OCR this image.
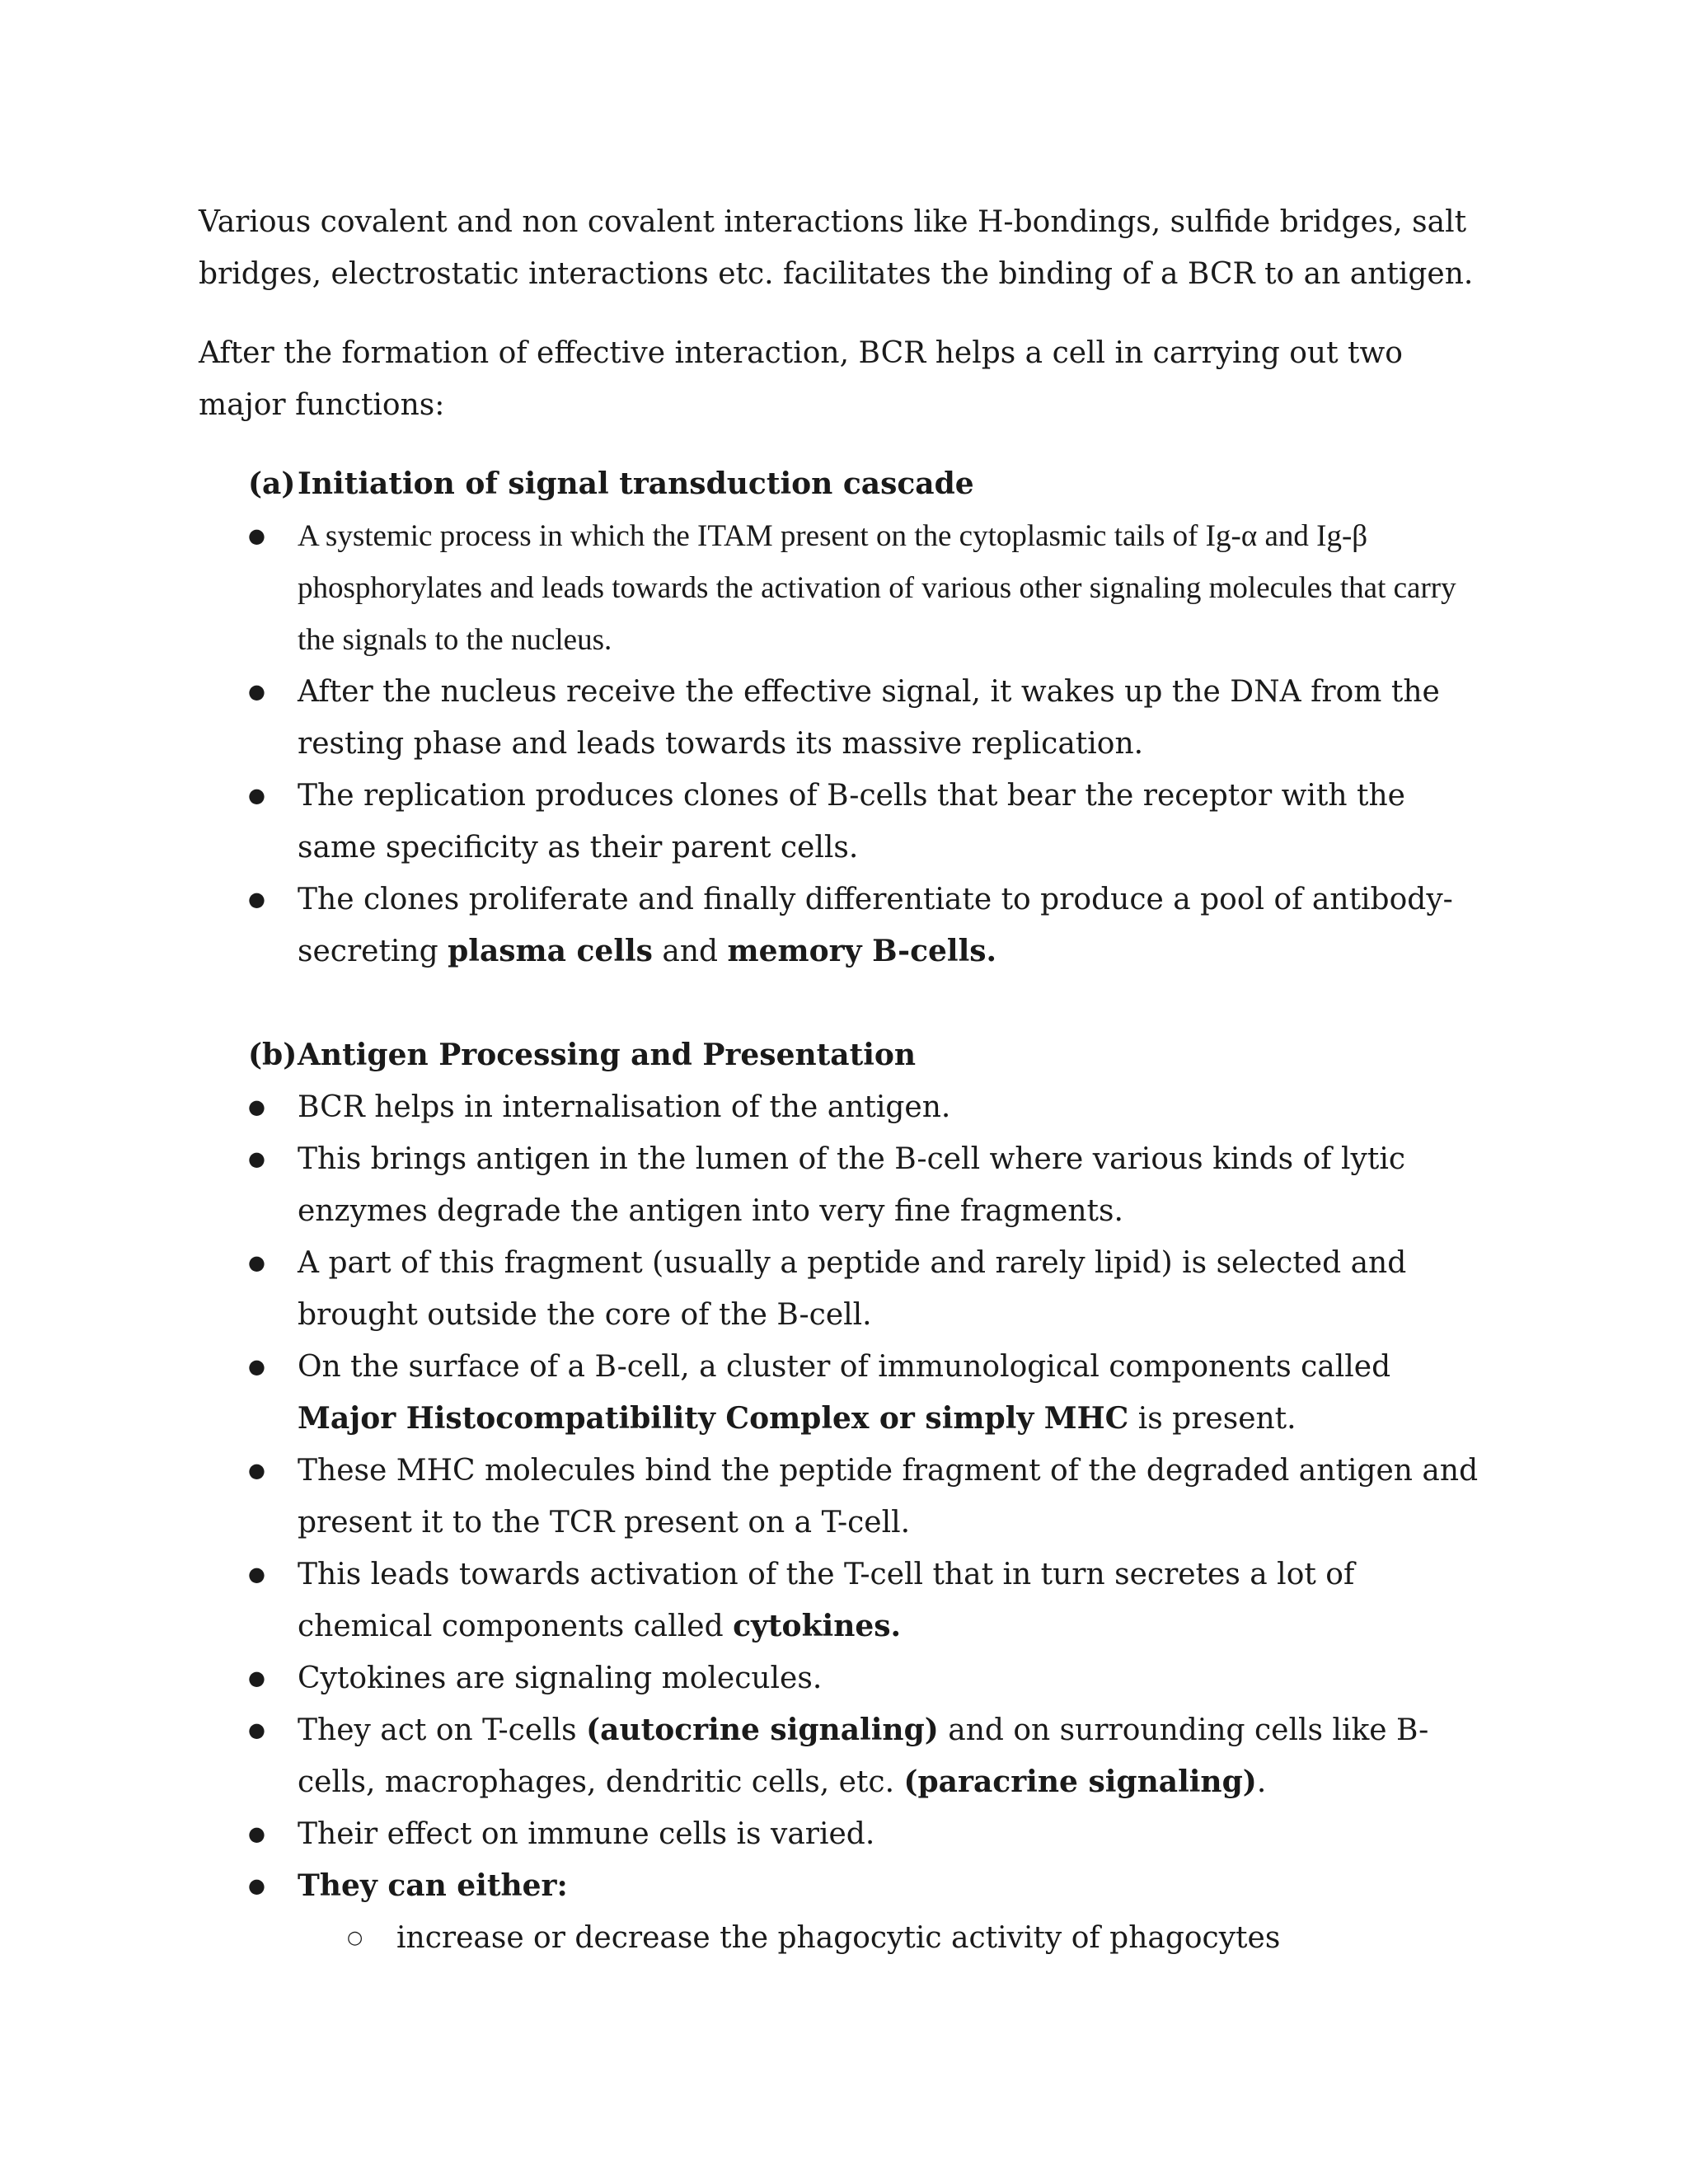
Various covalent and non covalent interactions like H-bondings, sulfide bridges, salt bridges, electrostatic interactions etc. facilitates the binding of a BCR to an antigen.

After the formation of effective interaction, BCR helps a cell in carrying out two major functions:

(a) Initiation of signal transduction cascade
● A systemic process in which the ITAM present on the cytoplasmic tails of Ig-α and Ig-β phosphorylates and leads towards the activation of various other signaling molecules that carry the signals to the nucleus.
● After the nucleus receive the effective signal, it wakes up the DNA from the resting phase and leads towards its massive replication.
● The replication produces clones of B-cells that bear the receptor with the same specificity as their parent cells.
● The clones proliferate and finally differentiate to produce a pool of antibody-secreting plasma cells and memory B-cells.
(b) Antigen Processing and Presentation
● BCR helps in internalisation of the antigen.
● This brings antigen in the lumen of the B-cell where various kinds of lytic enzymes degrade the antigen into very fine fragments.
● A part of this fragment (usually a peptide and rarely lipid) is selected and brought outside the core of the B-cell.
● On the surface of a B-cell, a cluster of immunological components called Major Histocompatibility Complex or simply MHC is present.
● These MHC molecules bind the peptide fragment of the degraded antigen and present it to the TCR present on a T-cell.
● This leads towards activation of the T-cell that in turn secretes a lot of chemical components called cytokines.
● Cytokines are signaling molecules.
● They act on T-cells (autocrine signaling) and on surrounding cells like B-cells, macrophages, dendritic cells, etc. (paracrine signaling).
● Their effect on immune cells is varied.
● They can either:
○ increase or decrease the phagocytic activity of phagocytes
